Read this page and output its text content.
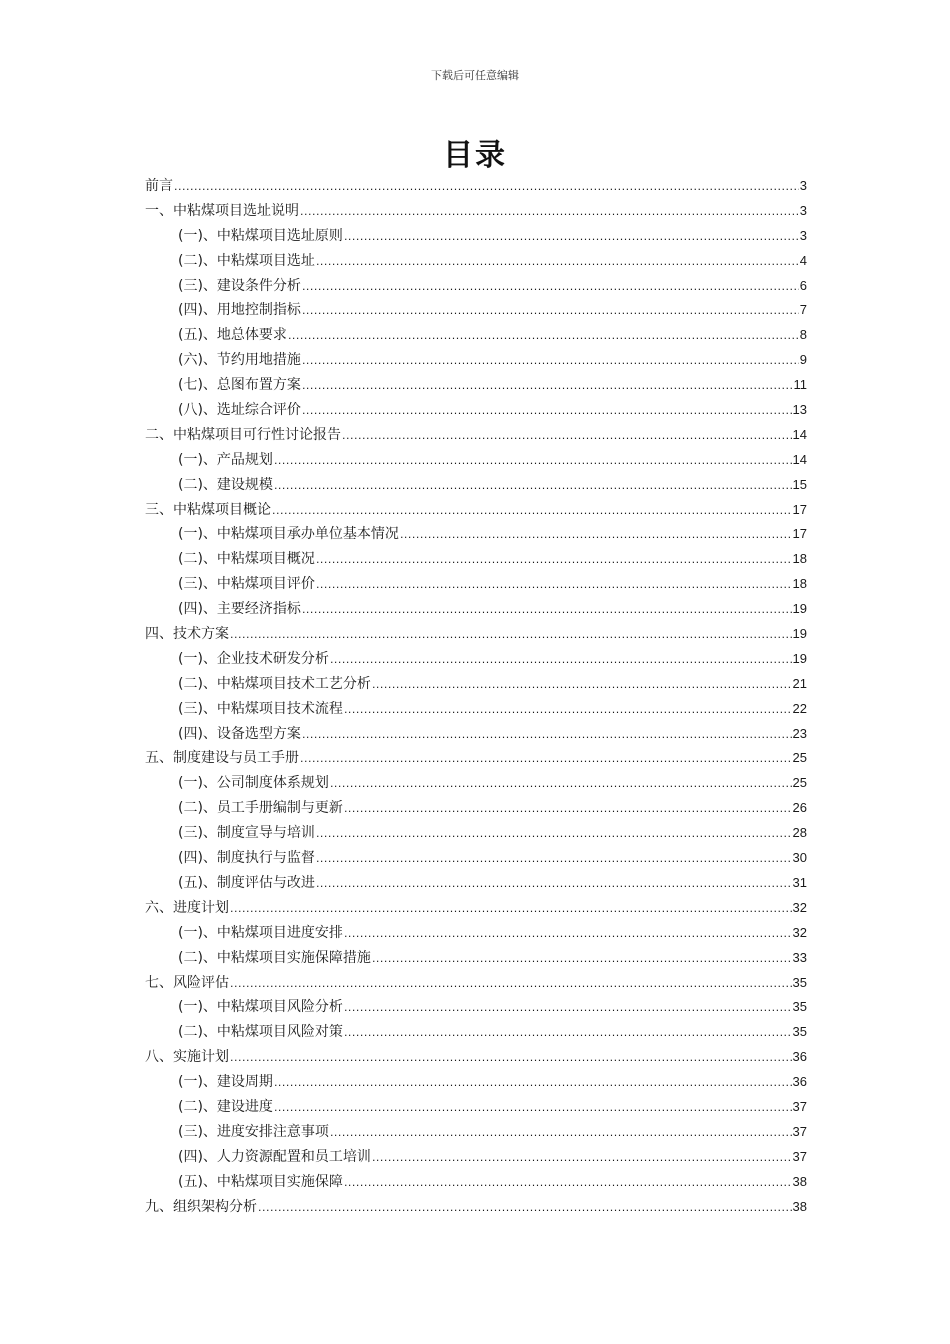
下载后可任意编辑
目录
前言 .....	3
一、中粘煤项目选址说明 .....	3
(一)、中粘煤项目选址原则 .....	3
(二)、中粘煤项目选址 .....	4
(三)、建设条件分析 .....	6
(四)、用地控制指标 .....	7
(五)、地总体要求 .....	8
(六)、节约用地措施 .....	9
(七)、总图布置方案 .....	11
(八)、选址综合评价 .....	13
二、中粘煤项目可行性讨论报告 .....	14
(一)、产品规划 .....	14
(二)、建设规模 .....	15
三、中粘煤项目概论 .....	17
(一)、中粘煤项目承办单位基本情况 .....	17
(二)、中粘煤项目概况 .....	18
(三)、中粘煤项目评价 .....	18
(四)、主要经济指标 .....	19
四、技术方案 .....	19
(一)、企业技术研发分析 .....	19
(二)、中粘煤项目技术工艺分析 .....	21
(三)、中粘煤项目技术流程 .....	22
(四)、设备选型方案 .....	23
五、制度建设与员工手册 .....	25
(一)、公司制度体系规划 .....	25
(二)、员工手册编制与更新 .....	26
(三)、制度宣导与培训 .....	28
(四)、制度执行与监督 .....	30
(五)、制度评估与改进 .....	31
六、进度计划 .....	32
(一)、中粘煤项目进度安排 .....	32
(二)、中粘煤项目实施保障措施 .....	33
七、风险评估 .....	35
(一)、中粘煤项目风险分析 .....	35
(二)、中粘煤项目风险对策 .....	35
八、实施计划 .....	36
(一)、建设周期 .....	36
(二)、建设进度 .....	37
(三)、进度安排注意事项 .....	37
(四)、人力资源配置和员工培训 .....	37
(五)、中粘煤项目实施保障 .....	38
九、组织架构分析 .....	38
